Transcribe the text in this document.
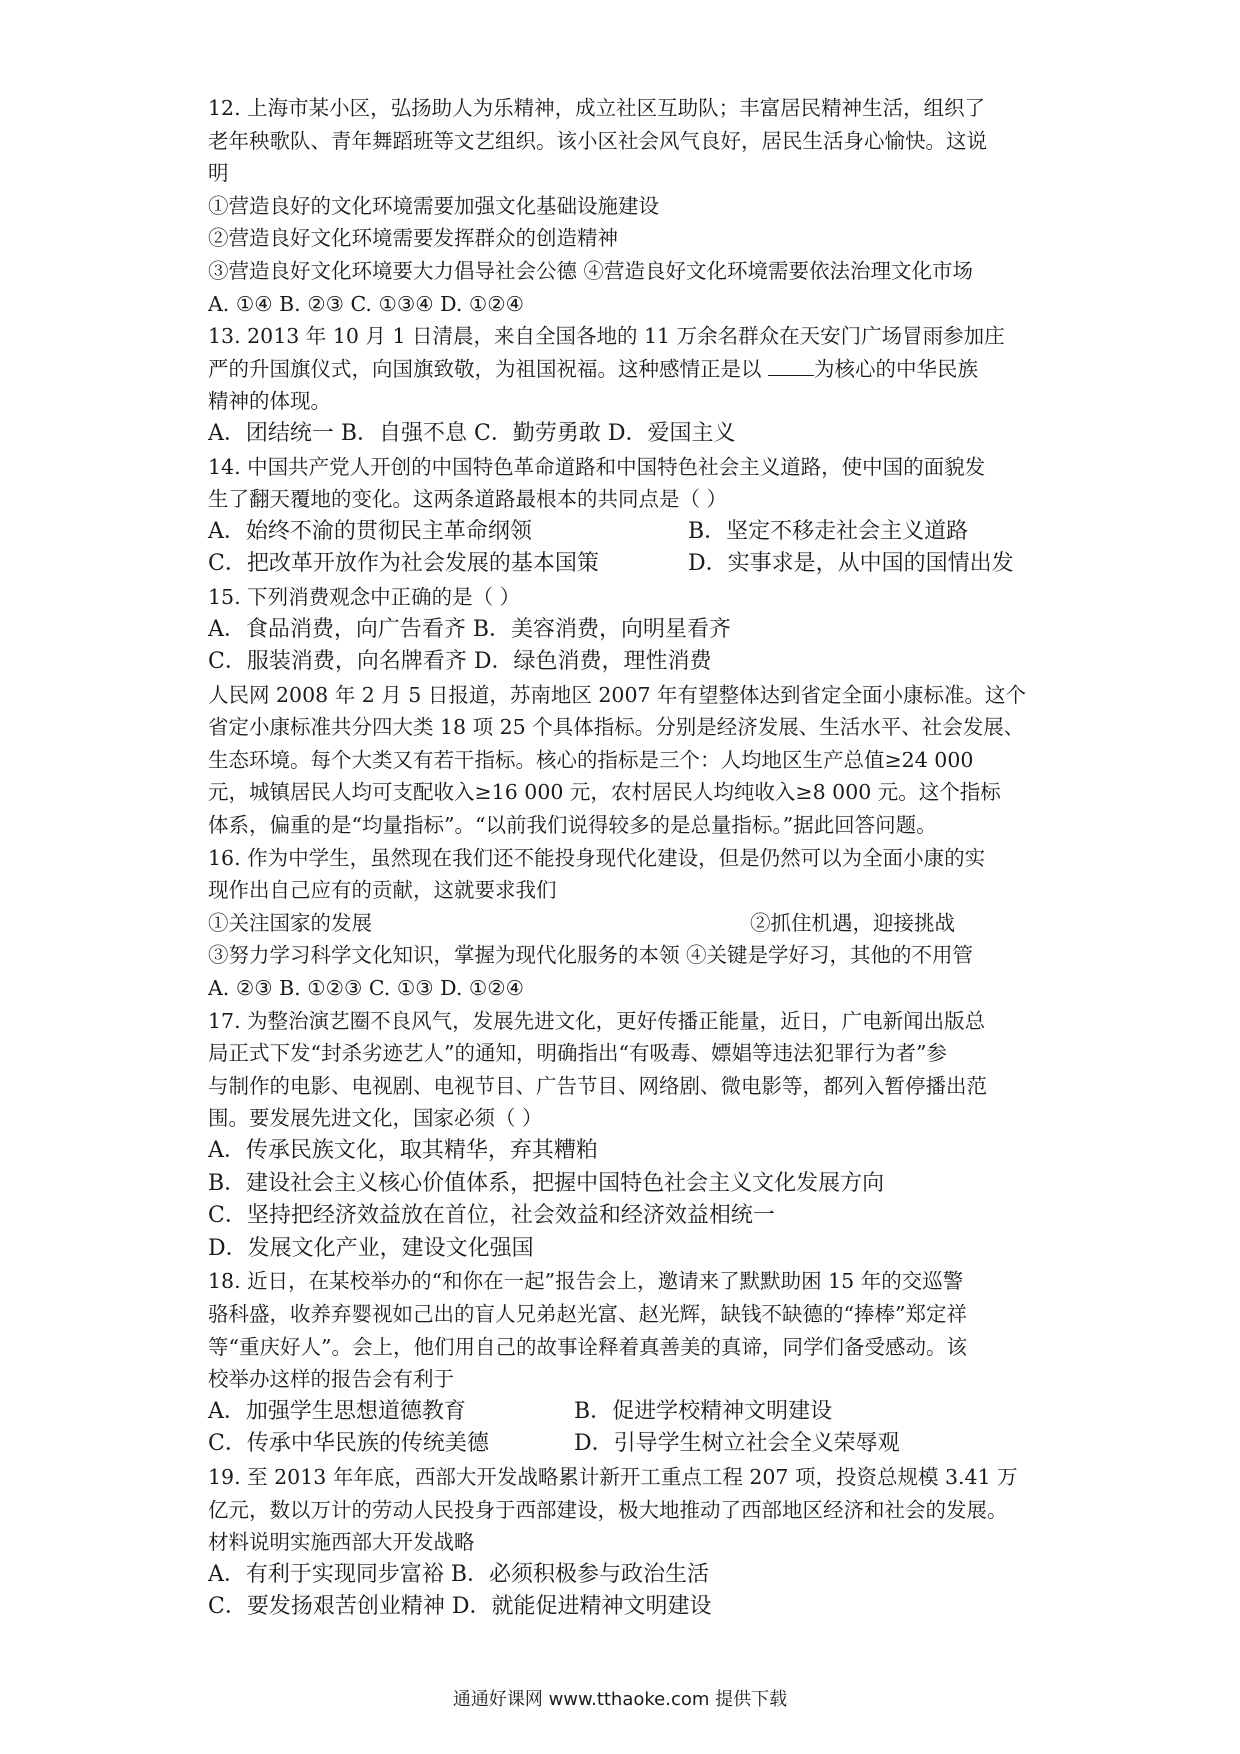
12. 上海市某小区，弘扬助人为乐精神，成立社区互助队；丰富居民精神生活，组织了
老年秧歌队、青年舞蹈班等文艺组织。该小区社会风气良好，居民生活身心愉快。这说
明
①营造良好的文化环境需要加强文化基础设施建设
②营造良好文化环境需要发挥群众的创造精神
③营造良好文化环境要大力倡导社会公德 ④营造良好文化环境需要依法治理文化市场
A. ①④ B. ②③ C. ①③④ D. ①②④
13. 2013 年 10 月 1 日清晨，来自全国各地的 11 万余名群众在天安门广场冒雨参加庄
严的升国旗仪式，向国旗致敬，为祖国祝福。这种感情正是以 为核心的中华民族
精神的体现。
A．团结统一 B．自强不息 C．勤劳勇敢 D．爱国主义
14. 中国共产党人开创的中国特色革命道路和中国特色社会主义道路，使中国的面貌发
生了翻天覆地的变化。这两条道路最根本的共同点是（ ）
A．始终不渝的贯彻民主革命纲领	B．坚定不移走社会主义道路
C．把改革开放作为社会发展的基本国策	D．实事求是，从中国的国情出发
15. 下列消费观念中正确的是（ ）
A．食品消费，向广告看齐 B．美容消费，向明星看齐
C．服装消费，向名牌看齐 D．绿色消费，理性消费
人民网 2008 年 2 月 5 日报道，苏南地区 2007 年有望整体达到省定全面小康标准。这个
省定小康标准共分四大类 18 项 25 个具体指标。分别是经济发展、生活水平、社会发展、
生态环境。每个大类又有若干指标。核心的指标是三个：人均地区生产总值≥24 000
元，城镇居民人均可支配收入≥16 000 元，农村居民人均纯收入≥8 000 元。这个指标
体系，偏重的是“均量指标”。“以前我们说得较多的是总量指标。”据此回答问题。
16. 作为中学生，虽然现在我们还不能投身现代化建设，但是仍然可以为全面小康的实
现作出自己应有的贡献，这就要求我们
①关注国家的发展	②抓住机遇，迎接挑战
③努力学习科学文化知识，掌握为现代化服务的本领 ④关键是学好习，其他的不用管
A. ②③ B. ①②③ C. ①③ D. ①②④
17. 为整治演艺圈不良风气，发展先进文化，更好传播正能量，近日，广电新闻出版总
局正式下发“封杀劣迹艺人”的通知，明确指出“有吸毒、嫖娼等违法犯罪行为者”参
与制作的电影、电视剧、电视节目、广告节目、网络剧、微电影等，都列入暂停播出范
围。要发展先进文化，国家必须（ ）
A．传承民族文化，取其精华，弃其糟粕
B．建设社会主义核心价值体系，把握中国特色社会主义文化发展方向
C．坚持把经济效益放在首位，社会效益和经济效益相统一
D．发展文化产业，建设文化强国
18. 近日，在某校举办的“和你在一起”报告会上，邀请来了默默助困 15 年的交巡警
骆科盛，收养弃婴视如己出的盲人兄弟赵光富、赵光辉，缺钱不缺德的“捧棒”郑定祥
等“重庆好人”。会上，他们用自己的故事诠释着真善美的真谛，同学们备受感动。该
校举办这样的报告会有利于
A．加强学生思想道德教育	B．促进学校精神文明建设
C．传承中华民族的传统美德	D．引导学生树立社会全义荣辱观
19. 至 2013 年年底，西部大开发战略累计新开工重点工程 207 项，投资总规模 3.41 万
亿元，数以万计的劳动人民投身于西部建设，极大地推动了西部地区经济和社会的发展。
材料说明实施西部大开发战略
A．有利于实现同步富裕 B．必须积极参与政治生活
C．要发扬艰苦创业精神 D．就能促进精神文明建设
通通好课网 www.tthaoke.com 提供下载
